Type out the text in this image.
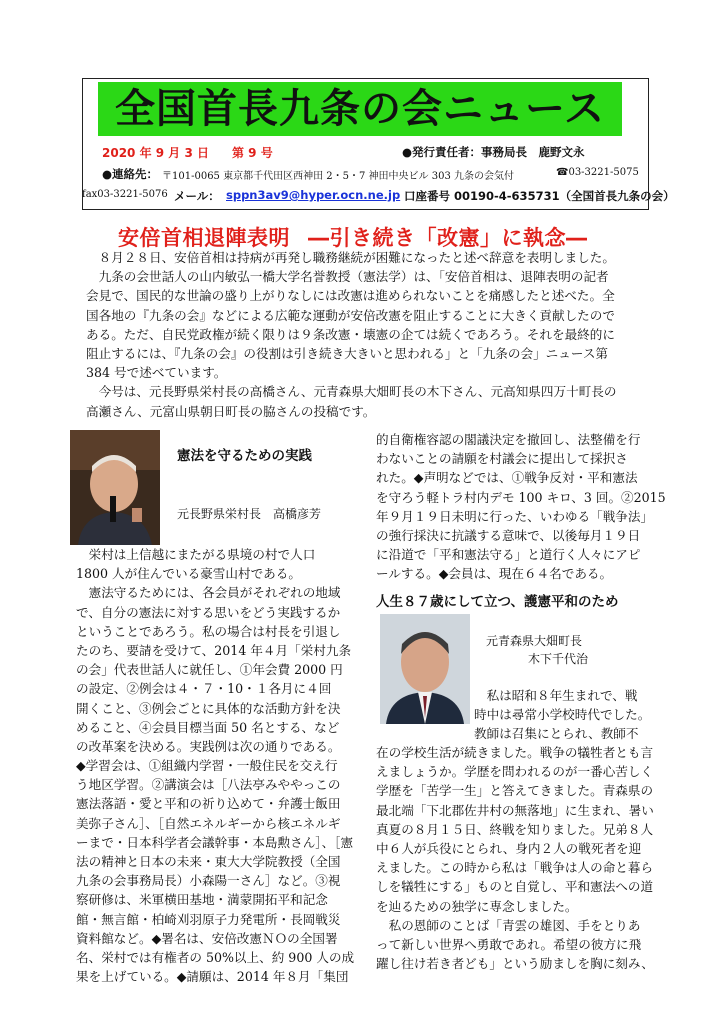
全国首長九条の会ニュース
2020 年 9 月 3 日 第 9 号	●発行責任者：事務局長　鹿野文永
●連絡先： 〒101-0065 東京都千代田区西神田 2・5・7 神田中央ビル 303 九条の会気付	☎03-3221-5075
fax03-3221-5076 メール： sppn3av9@hyper.ocn.ne.jp 口座番号 00190-4-635731（全国首長九条の会）
安倍首相退陣表明 ―引き続き「改憲」に執念―
　８月２８日、安倍首相は持病が再発し職務継続が困難になったと述べ辞意を表明しました。
　九条の会世話人の山内敏弘一橋大学名誉教授（憲法学）は、「安倍首相は、退陣表明の記者
会見で、国民的な世論の盛り上がりなしには改憲は進められないことを痛感したと述べた。全
国各地の『九条の会』などによる広範な運動が安倍改憲を阻止することに大きく貢献したので
ある。ただ、自民党政権が続く限りは９条改憲・壊憲の企ては続くであろう。それを最終的に
阻止するには、『九条の会』の役割は引き続き大きいと思われる」と「九条の会」ニュース第
384 号で述べています。
　今号は、元長野県栄村長の高橋さん、元青森県大畑町長の木下さん、元高知県四万十町長の
高瀬さん、元富山県朝日町長の脇さんの投稿です。
憲法を守るための実践
元長野県栄村長　高橋彦芳
　栄村は上信越にまたがる県境の村で人口
1800 人が住んでいる豪雪山村である。
　憲法守るためには、各会員がそれぞれの地域
で、自分の憲法に対する思いをどう実践するか
ということであろう。私の場合は村長を引退し
たのち、要請を受けて、2014 年４月「栄村九条
の会」代表世話人に就任し、①年会費 2000 円
の設定、②例会は４・７・10・１各月に４回
開くこと、③例会ごとに具体的な活動方針を決
めること、④会員目標当面 50 名とする、など
の改革案を決める。実践例は次の通りである。
◆学習会は、①組織内学習・一般住民を交え行
う地区学習。②講演会は［八法亭みややっこの
憲法落語・愛と平和の祈り込めて・弁護士飯田
美弥子さん］、［自然エネルギーから核エネルギ
ーまで・日本科学者会議幹事・本島勲さん］、［憲
法の精神と日本の未来・東大大学院教授（全国
九条の会事務局長）小森陽一さん］など。③視
察研修は、米軍横田基地・満蒙開拓平和記念
館・無言館・柏崎刈羽原子力発電所・長岡戦災
資料館など。◆署名は、安倍改憲ＮＯの全国署
名、栄村では有権者の 50%以上、約 900 人の成
果を上げている。◆請願は、2014 年８月「集団
的自衛権容認の閣議決定を撤回し、法整備を行
わないことの請願を村議会に提出して採択さ
れた。◆声明などでは、①戦争反対・平和憲法
を守ろう軽トラ村内デモ 100 キロ、3 回。②2015
年９月１９日未明に行った、いわゆる「戦争法」
の強行採決に抗議する意味で、以後毎月１９日
に沿道で「平和憲法守る」と道行く人々にアピ
ールする。◆会員は、現在６４名である。
人生８７歳にして立つ、護憲平和のため
元青森県大畑町長
木下千代治
　私は昭和８年生まれで、戦
時中は尋常小学校時代でした。
教師は召集にとられ、教師不
在の学校生活が続きました。戦争の犠牲者とも言
えましょうか。学歴を問われるのが一番心苦しく
学歴を「苦学一生」と答えてきました。青森県の
最北端「下北郡佐井村の無落地」に生まれ、暑い
真夏の８月１５日、終戦を知りました。兄弟８人
中６人が兵役にとられ、身内２人の戦死者を迎
えました。この時から私は「戦争は人の命と暮ら
しを犠牲にする」ものと自覚し、平和憲法への道
を辿るための独学に専念しました。
　私の恩師のことば「青雲の雄図、手をとりあ
って新しい世界へ勇敢であれ。希望の彼方に飛
躍し往け若き者ども」という励ましを胸に刻み、
